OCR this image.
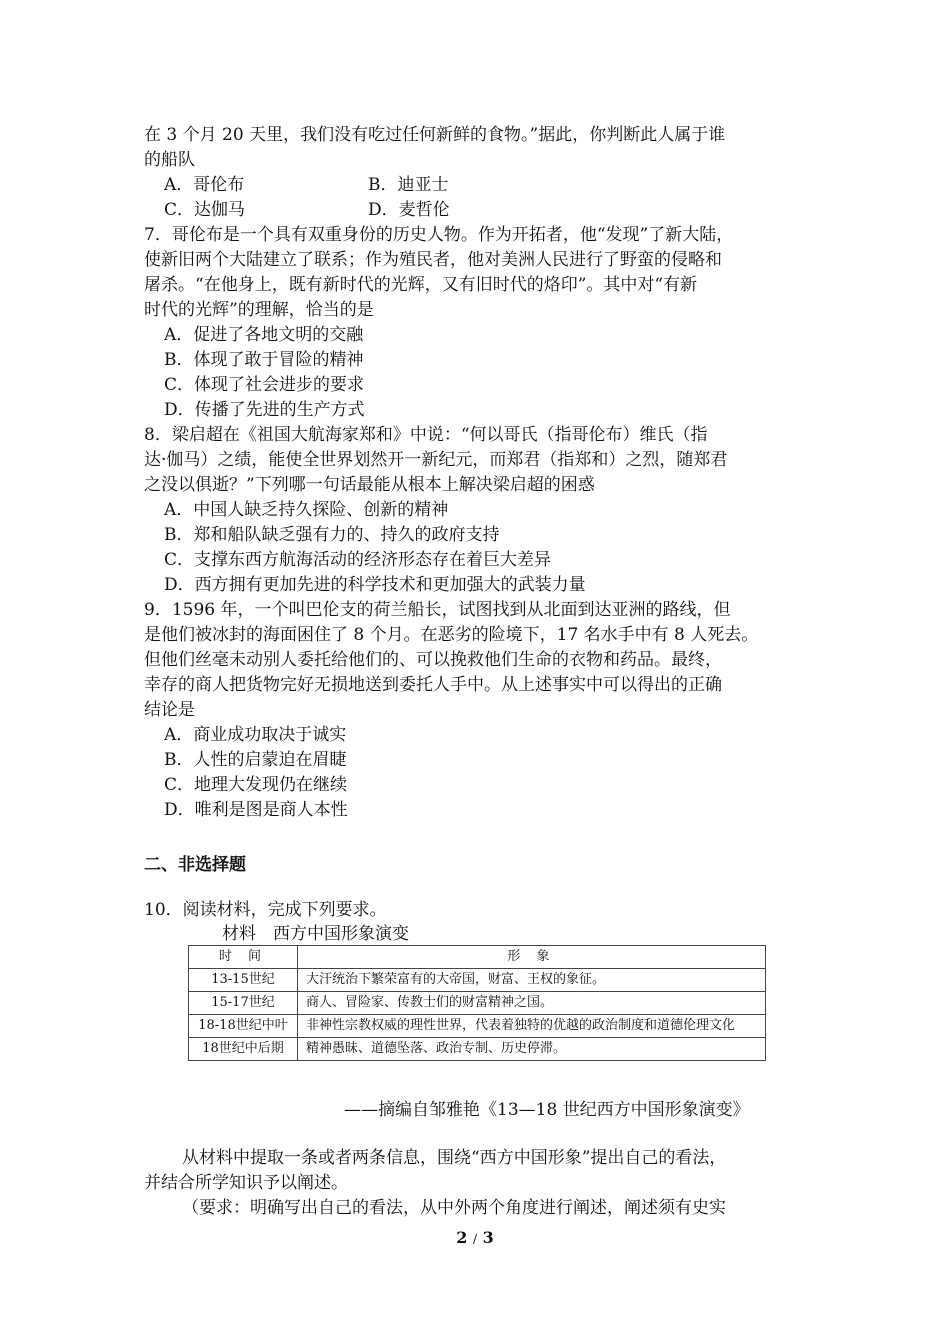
在 3 个月 20 天里，我们没有吃过任何新鲜的食物。”据此，你判断此人属于谁
的船队
A．哥伦布	B．迪亚士
C．达伽马	D．麦哲伦
7．哥伦布是一个具有双重身份的历史人物。作为开拓者，他“发现”了新大陆，
使新旧两个大陆建立了联系；作为殖民者，他对美洲人民进行了野蛮的侵略和
屠杀。“在他身上，既有新时代的光辉，又有旧时代的烙印”。其中对“有新
时代的光辉”的理解，恰当的是
A．促进了各地文明的交融
B．体现了敢于冒险的精神
C．体现了社会进步的要求
D．传播了先进的生产方式
8．梁启超在《祖国大航海家郑和》中说：“何以哥氏（指哥伦布）维氏（指
达·伽马）之绩，能使全世界划然开一新纪元，而郑君（指郑和）之烈，随郑君
之没以俱逝？”下列哪一句话最能从根本上解决梁启超的困惑
A．中国人缺乏持久探险、创新的精神
B．郑和船队缺乏强有力的、持久的政府支持
C．支撑东西方航海活动的经济形态存在着巨大差异
D．西方拥有更加先进的科学技术和更加强大的武装力量
9．1596 年，一个叫巴伦支的荷兰船长，试图找到从北面到达亚洲的路线，但
是他们被冰封的海面困住了 8 个月。在恶劣的险境下，17 名水手中有 8 人死去。
但他们丝毫未动别人委托给他们的、可以挽救他们生命的衣物和药品。最终，
幸存的商人把货物完好无损地送到委托人手中。从上述事实中可以得出的正确
结论是
A．商业成功取决于诚实
B．人性的启蒙迫在眉睫
C．地理大发现仍在继续
D．唯利是图是商人本性
二、非选择题
10．阅读材料，完成下列要求。
材料　西方中国形象演变
时 间	形 象
13-15世纪	大汗统治下繁荣富有的大帝国，财富、王权的象征。
15-17世纪	商人、冒险家、传教士们的财富精神之国。
18-18世纪中叶	非神性宗教权威的理性世界，代表着独特的优越的政治制度和道德伦理文化
18世纪中后期	精神愚昧、道德坠落、政治专制、历史停滞。
——摘编自邹雅艳《13—18 世纪西方中国形象演变》
从材料中提取一条或者两条信息，围绕“西方中国形象”提出自己的看法，
并结合所学知识予以阐述。
（要求：明确写出自己的看法，从中外两个角度进行阐述，阐述须有史实
2 / 3
